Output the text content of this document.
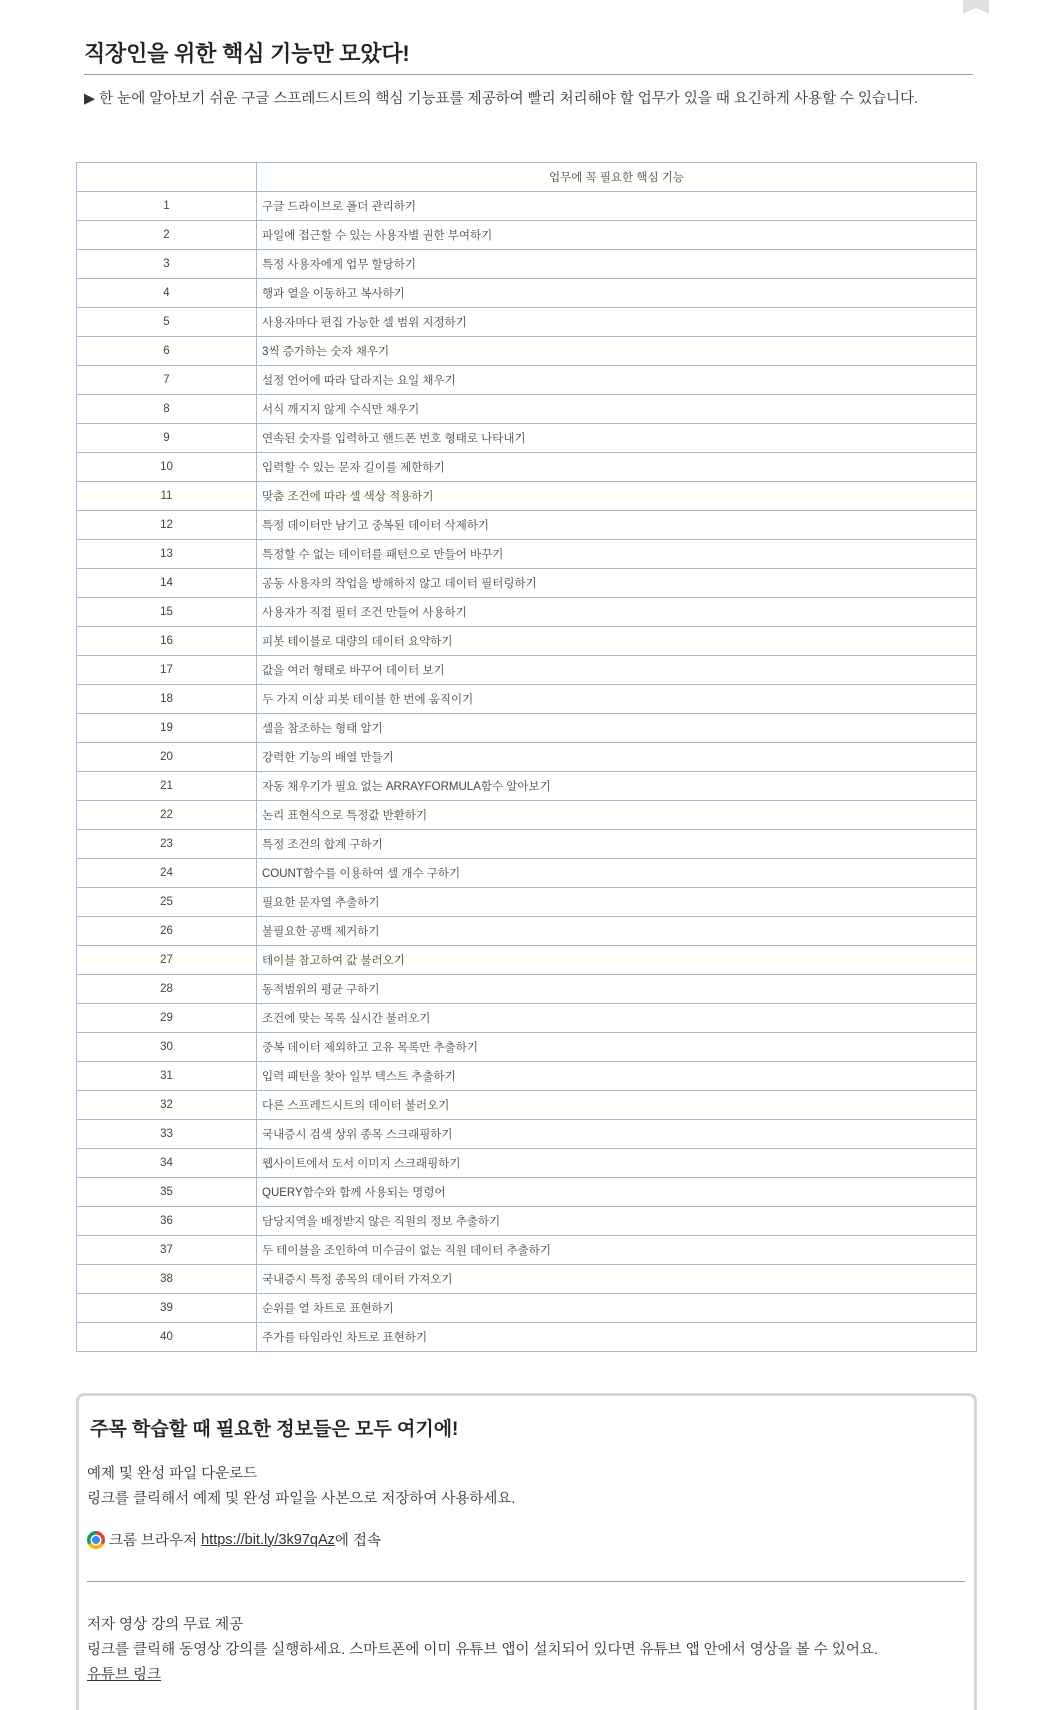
직장인을 위한 핵심 기능만 모았다!

▶ 한 눈에 알아보기 쉬운 구글 스프레드시트의 핵심 기능표를 제공하여 빨리 처리해야 할 업무가 있을 때 요긴하게 사용할 수 있습니다.

	업무에 꼭 필요한 핵심 기능
1	구글 드라이브로 폴더 관리하기
2	파일에 접근할 수 있는 사용자별 권한 부여하기
3	특정 사용자에게 업무 할당하기
4	행과 열을 이동하고 복사하기
5	사용자마다 편집 가능한 셀 범위 지정하기
6	3씩 증가하는 숫자 채우기
7	설정 언어에 따라 달라지는 요일 채우기
8	서식 깨지지 않게 수식만 채우기
9	연속된 숫자를 입력하고 핸드폰 번호 형태로 나타내기
10	입력할 수 있는 문자 길이를 제한하기
11	맞춤 조건에 따라 셀 색상 적용하기
12	특정 데이터만 남기고 중복된 데이터 삭제하기
13	특정할 수 없는 데이터를 패턴으로 만들어 바꾸기
14	공동 사용자의 작업을 방해하지 않고 데이터 필터링하기
15	사용자가 직접 필터 조건 만들어 사용하기
16	피봇 테이블로 대량의 데이터 요약하기
17	값을 여러 형태로 바꾸어 데이터 보기
18	두 가지 이상 피봇 테이블 한 번에 움직이기
19	셀을 참조하는 형태 알기
20	강력한 기능의 배열 만들기
21	자동 채우기가 필요 없는 ARRAYFORMULA함수 알아보기
22	논리 표현식으로 특정값 반환하기
23	특정 조건의 합계 구하기
24	COUNT함수를 이용하여 셀 개수 구하기
25	필요한 문자열 추출하기
26	불필요한 공백 제거하기
27	테이블 참고하여 값 불러오기
28	동적범위의 평균 구하기
29	조건에 맞는 목록 실시간 불러오기
30	중복 데이터 제외하고 고유 목록만 추출하기
31	입력 패턴을 찾아 일부 텍스트 추출하기
32	다른 스프레드시트의 데이터 불러오기
33	국내증시 검색 상위 종목 스크래핑하기
34	웹사이트에서 도서 이미지 스크래핑하기
35	QUERY함수와 함께 사용되는 명령어
36	담당지역을 배정받지 않은 직원의 정보 추출하기
37	두 테이블을 조인하여 미수금이 없는 직원 데이터 추출하기
38	국내증시 특정 종목의 데이터 가져오기
39	순위를 열 차트로 표현하기
40	주가를 타임라인 차트로 표현하기
주목 학습할 때 필요한 정보들은 모두 여기에!

예제 및 완성 파일 다운로드

링크를 클릭해서 예제 및 완성 파일을 사본으로 저장하여 사용하세요.

크롬 브라우저 https://bit.ly/3k97qAz 에 접속

저자 영상 강의 무료 제공

링크를 클릭해 동영상 강의를 실행하세요. 스마트폰에 이미 유튜브 앱이 설치되어 있다면 유튜브 앱 안에서 영상을 볼 수 있어요.

유튜브 링크
